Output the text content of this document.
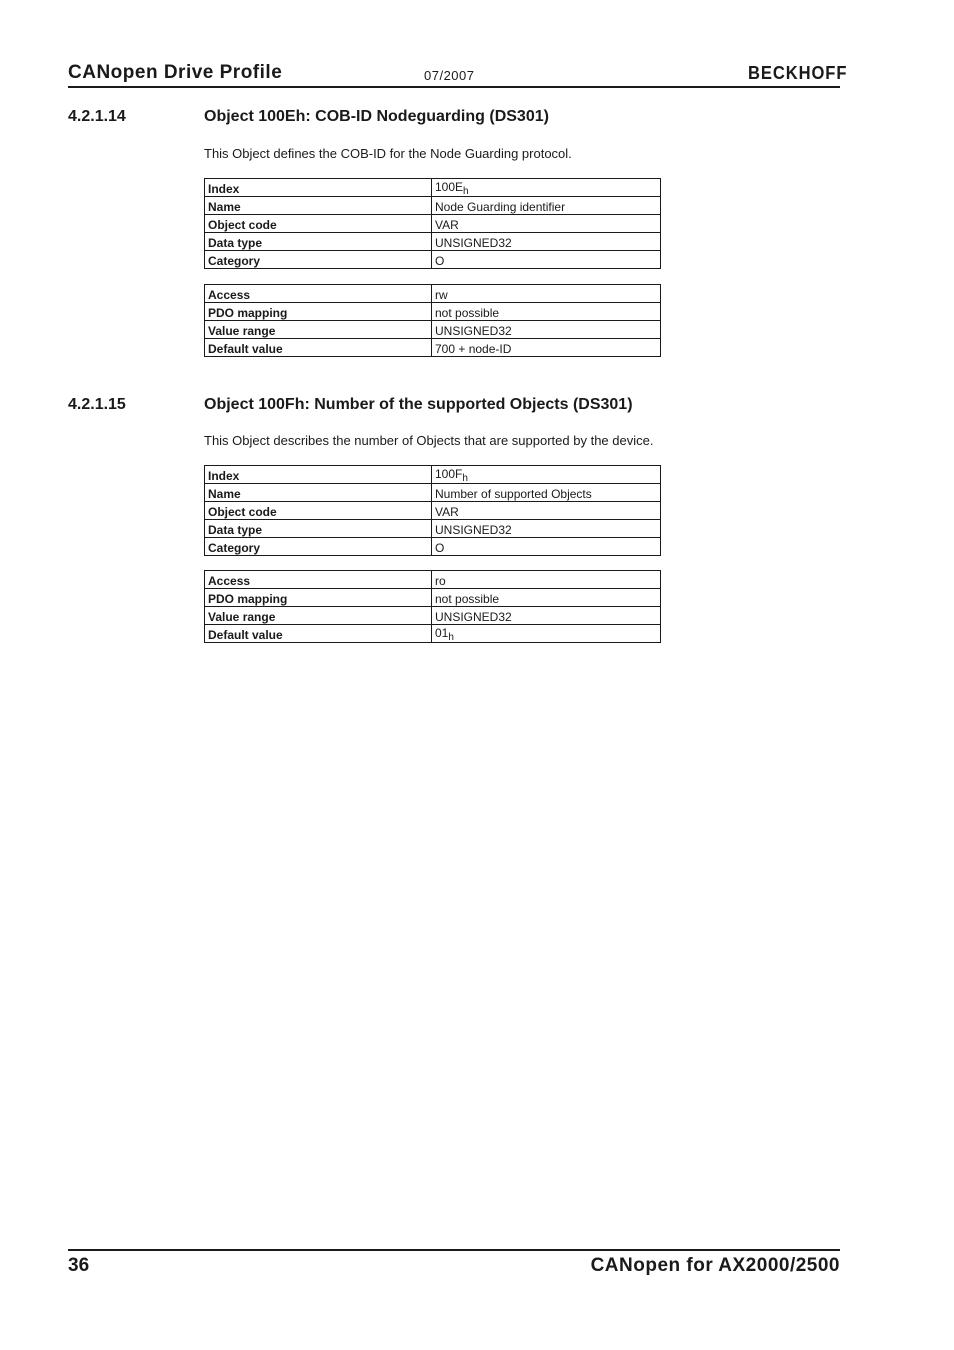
CANopen Drive Profile	07/2007	BECKHOFF
4.2.1.14	Object 100Eh: COB-ID Nodeguarding (DS301)
This Object defines the COB-ID for the Node Guarding protocol.
Index	$100E_h$
Name	Node Guarding identifier
Object code	VAR
Data type	UNSIGNED32
Category	O
Access	rw
PDO mapping	not possible
Value range	UNSIGNED32
Default value	700 + node-ID
4.2.1.15	Object 100Fh: Number of the supported Objects (DS301)
This Object describes the number of Objects that are supported by the device.
Index	$100F_h$
Name	Number of supported Objects
Object code	VAR
Data type	UNSIGNED32
Category	O
Access	ro
PDO mapping	not possible
Value range	UNSIGNED32
Default value	$01_h$
36	CANopen for AX2000/2500
